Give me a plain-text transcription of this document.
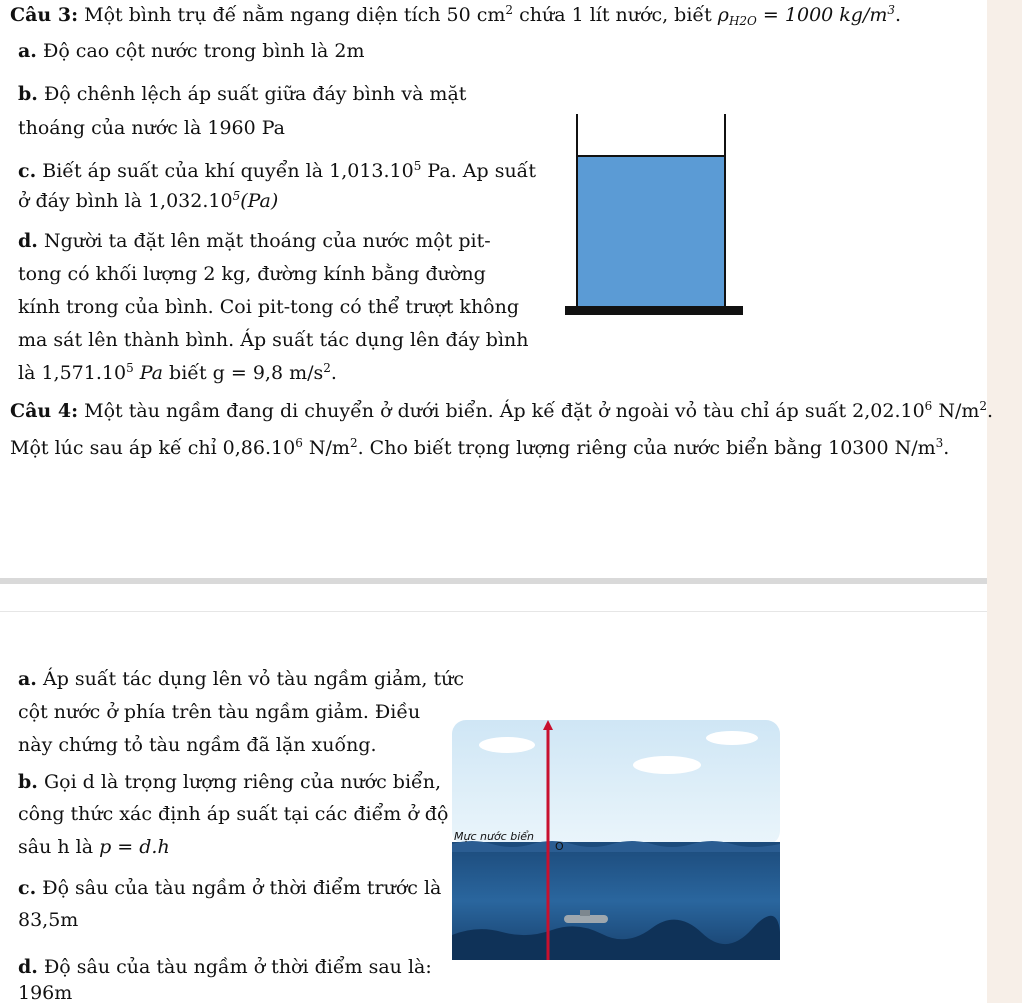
Câu 3: Một bình trụ đế nằm ngang diện tích 50 $cm^2$ chứa 1 lít nước, biết $\rho_{H2O} = 1000$ $kg/m^3$.

a. Độ cao cột nước trong bình là 2m

b. Độ chênh lệch áp suất giữa đáy bình và mặt

thoáng của nước là 1960 Pa

c. Biết áp suất của khí quyển là 1,013.10$^5$ Pa. Ap suất

ở đáy bình là 1,032.10$^5$(Pa)

d. Người ta đặt lên mặt thoáng của nước một pit-

tong có khối lượng 2 kg, đường kính bằng đường

kính trong của bình. Coi pit-tong có thể trượt không

ma sát lên thành bình. Áp suất tác dụng lên đáy bình

là 1,571.10$^5$ Pa biết g = 9,8 $m/s^2$.

Câu 4: Một tàu ngầm đang di chuyển ở dưới biển. Áp kế đặt ở ngoài vỏ tàu chỉ áp suất 2,02.10$^6$ $N/m^2$.

Một lúc sau áp kế chỉ 0,86.10$^6$ $N/m^2$. Cho biết trọng lượng riêng của nước biển bằng 10300 $N/m^3$.

a. Áp suất tác dụng lên vỏ tàu ngầm giảm, tức

cột nước ở phía trên tàu ngầm giảm. Điều

này chứng tỏ tàu ngầm đã lặn xuống.

b. Gọi d là trọng lượng riêng của nước biển,

công thức xác định áp suất tại các điểm ở độ

sâu h là p = d.h

c. Độ sâu của tàu ngầm ở thời điểm trước là

83,5m

d. Độ sâu của tàu ngầm ở thời điểm sau là:

196m

Mực nước biển
O
